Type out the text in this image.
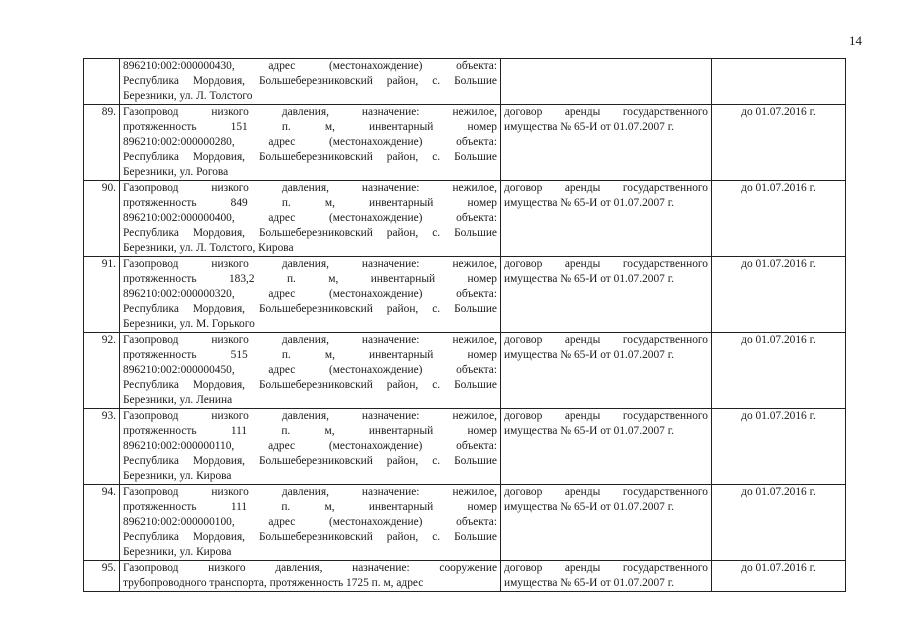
14

	896210:002:000000430, адрес (местонахождение) объекта:
Республика Мордовия, Большеберезниковский район, с. Большие
Березники, ул. Л. Толстого		

89.	Газопровод низкого давления, назначение: нежилое,
протяженность 151 п. м, инвентарный номер
896210:002:000000280, адрес (местонахождение) объекта:
Республика Мордовия, Большеберезниковский район, с. Большие
Березники, ул. Рогова	договор аренды государственного
имущества № 65-И от 01.07.2007 г.	до 01.07.2016 г.
90.	Газопровод низкого давления, назначение: нежилое,
протяженность 849 п. м, инвентарный номер
896210:002:000000400, адрес (местонахождение) объекта:
Республика Мордовия, Большеберезниковский район, с. Большие
Березники, ул. Л. Толстого, Кирова	договор аренды государственного
имущества № 65-И от 01.07.2007 г.	до 01.07.2016 г.
91.	Газопровод низкого давления, назначение: нежилое,
протяженность 183,2 п. м, инвентарный номер
896210:002:000000320, адрес (местонахождение) объекта:
Республика Мордовия, Большеберезниковский район, с. Большие
Березники, ул. М. Горького	договор аренды государственного
имущества № 65-И от 01.07.2007 г.	до 01.07.2016 г.
92.	Газопровод низкого давления, назначение: нежилое,
протяженность 515 п. м, инвентарный номер
896210:002:000000450, адрес (местонахождение) объекта:
Республика Мордовия, Большеберезниковский район, с. Большие
Березники, ул. Ленина	договор аренды государственного
имущества № 65-И от 01.07.2007 г.	до 01.07.2016 г.
93.	Газопровод низкого давления, назначение: нежилое,
протяженность 111 п. м, инвентарный номер
896210:002:000000110, адрес (местонахождение) объекта:
Республика Мордовия, Большеберезниковский район, с. Большие
Березники, ул. Кирова	договор аренды государственного
имущества № 65-И от 01.07.2007 г.	до 01.07.2016 г.
94.	Газопровод низкого давления, назначение: нежилое,
протяженность 111 п. м, инвентарный номер
896210:002:000000100, адрес (местонахождение) объекта:
Республика Мордовия, Большеберезниковский район, с. Большие
Березники, ул. Кирова	договор аренды государственного
имущества № 65-И от 01.07.2007 г.	до 01.07.2016 г.
95.	Газопровод низкого давления, назначение: сооружение
трубопроводного транспорта, протяженность 1725 п. м, адрес	договор аренды государственного
имущества № 65-И от 01.07.2007 г.	до 01.07.2016 г.
